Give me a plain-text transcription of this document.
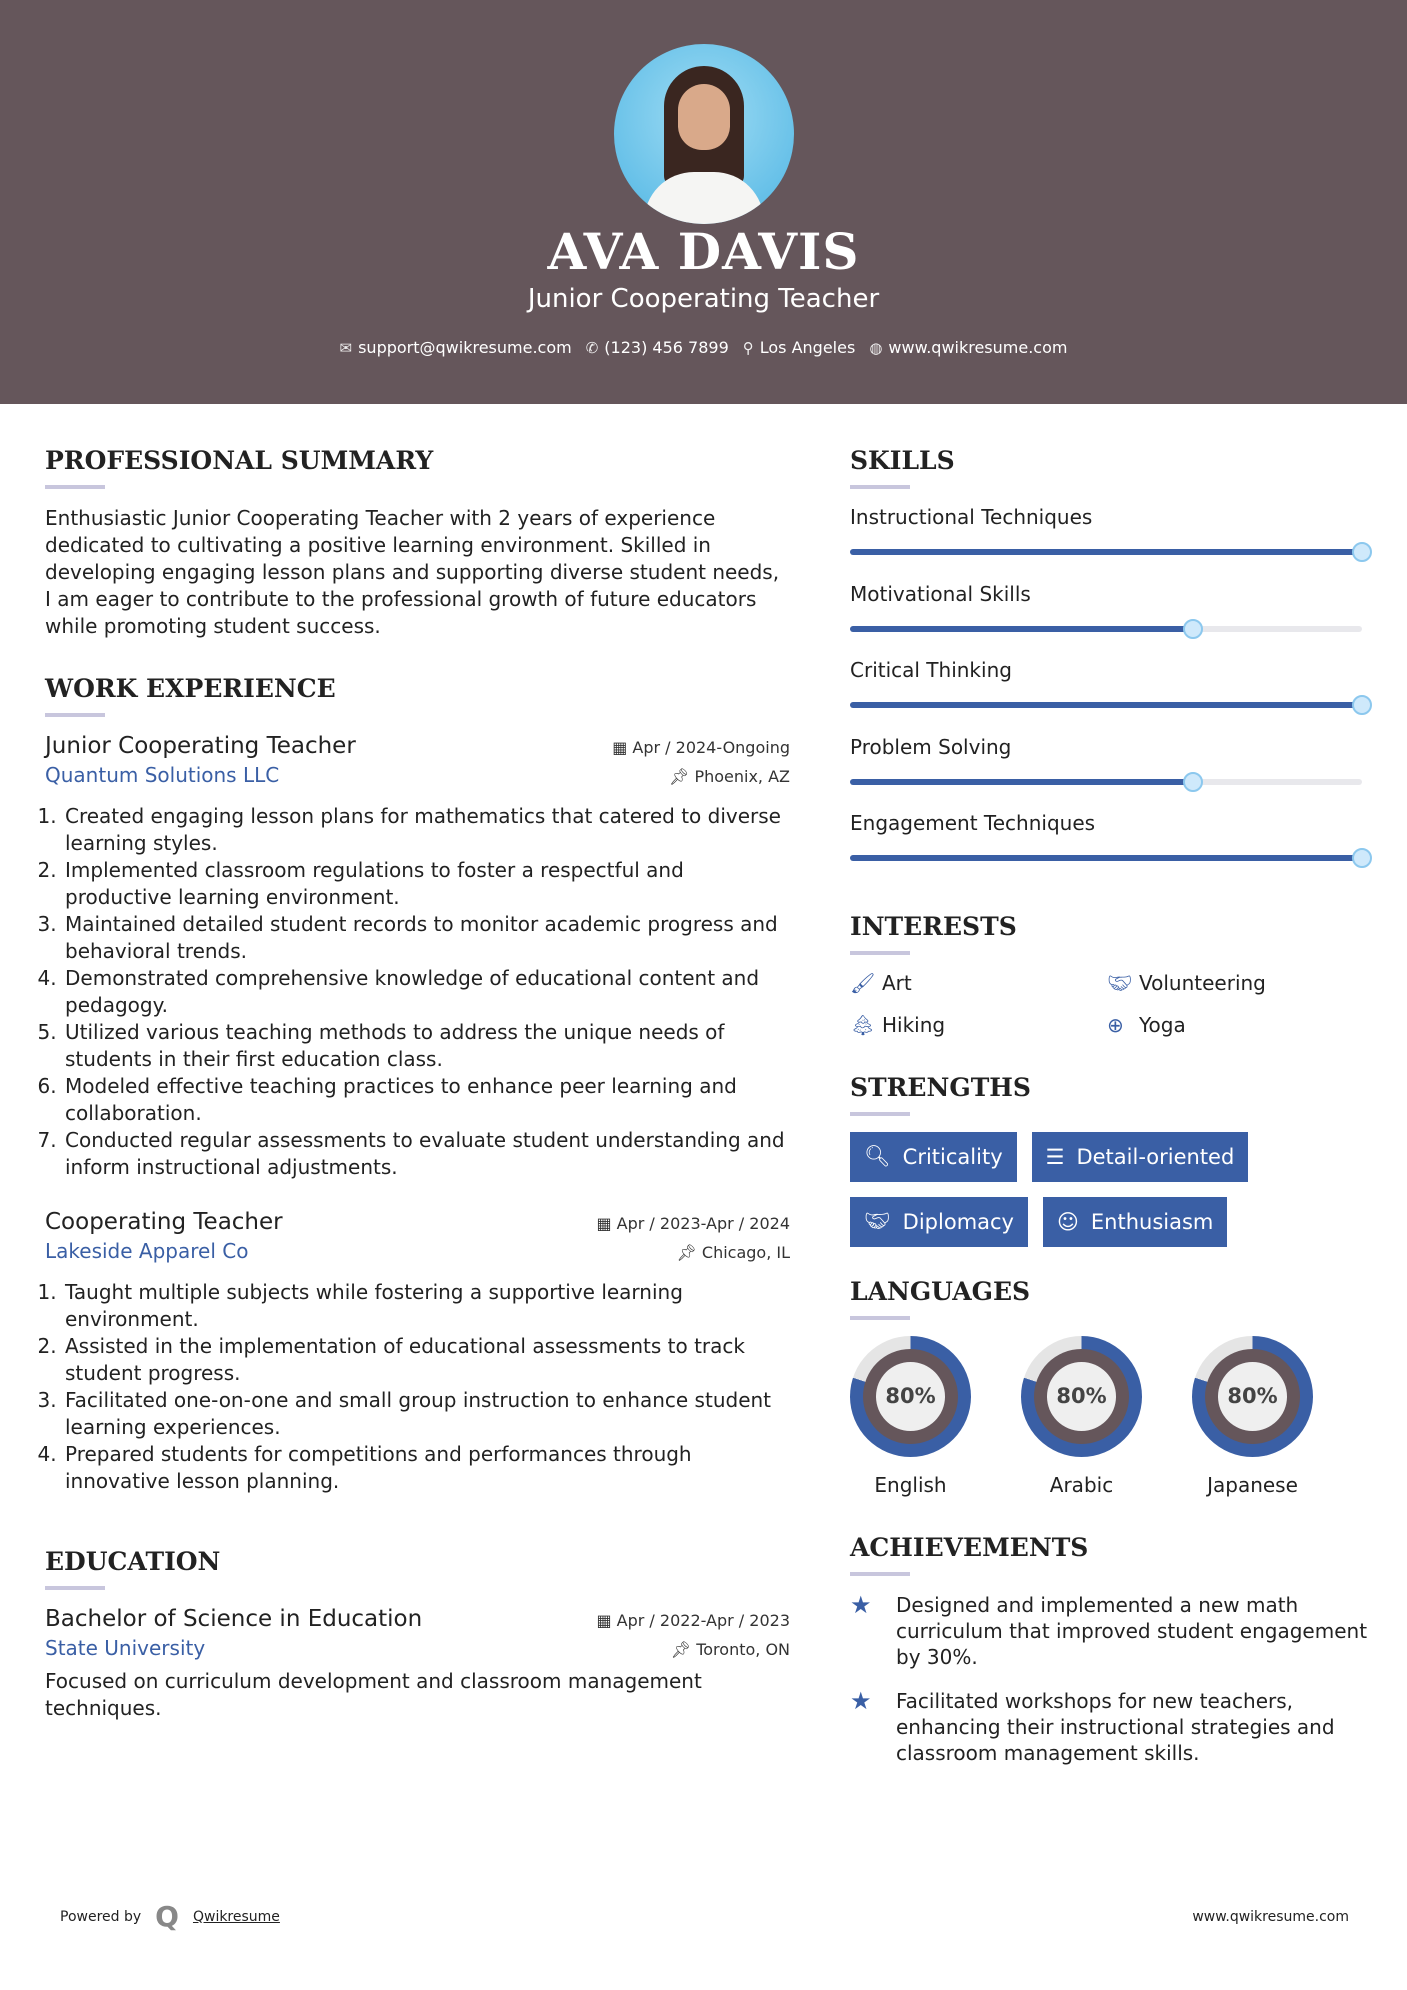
AVA DAVIS
Junior Cooperating Teacher
✉ support@qwikresume.com ✆ (123) 456 7899 ⚲ Los Angeles ◍ www.qwikresume.com
PROFESSIONAL SUMMARY

Enthusiastic Junior Cooperating Teacher with 2 years of experience dedicated to cultivating a positive learning environment. Skilled in developing engaging lesson plans and supporting diverse student needs, I am eager to contribute to the professional growth of future educators while promoting student success.

WORK EXPERIENCE
Junior Cooperating Teacher	▦ Apr / 2024-Ongoing
Quantum Solutions LLC	📌︎ Phoenix, AZ
1. Created engaging lesson plans for mathematics that catered to diverse learning styles.
2. Implemented classroom regulations to foster a respectful and productive learning environment.
3. Maintained detailed student records to monitor academic progress and behavioral trends.
4. Demonstrated comprehensive knowledge of educational content and pedagogy.
5. Utilized various teaching methods to address the unique needs of students in their first education class.
6. Modeled effective teaching practices to enhance peer learning and collaboration.
7. Conducted regular assessments to evaluate student understanding and inform instructional adjustments.
Cooperating Teacher	▦ Apr / 2023-Apr / 2024
Lakeside Apparel Co	📌︎ Chicago, IL
1. Taught multiple subjects while fostering a supportive learning environment.
2. Assisted in the implementation of educational assessments to track student progress.
3. Facilitated one-on-one and small group instruction to enhance student learning experiences.
4. Prepared students for competitions and performances through innovative lesson planning.
EDUCATION
Bachelor of Science in Education	▦ Apr / 2022-Apr / 2023
State University	📌︎ Toronto, ON

Focused on curriculum development and classroom management techniques.

SKILLS
Instructional Techniques
Motivational Skills
Critical Thinking
Problem Solving
Engagement Techniques
INTERESTS
🖌︎ Art	🤝︎ Volunteering
🌲︎ Hiking	⊕ Yoga
STRENGTHS
🔍︎ Criticality ☰ Detail-oriented
🤝︎ Diplomacy ☺ Enthusiasm
LANGUAGES
80%
English
80%
Arabic
80%
Japanese
ACHIEVEMENTS
★	Designed and implemented a new math curriculum that improved student engagement by 30%.
★	Facilitated workshops for new teachers, enhancing their instructional strategies and classroom management skills.
Powered by Q Qwikresume	www.qwikresume.com
